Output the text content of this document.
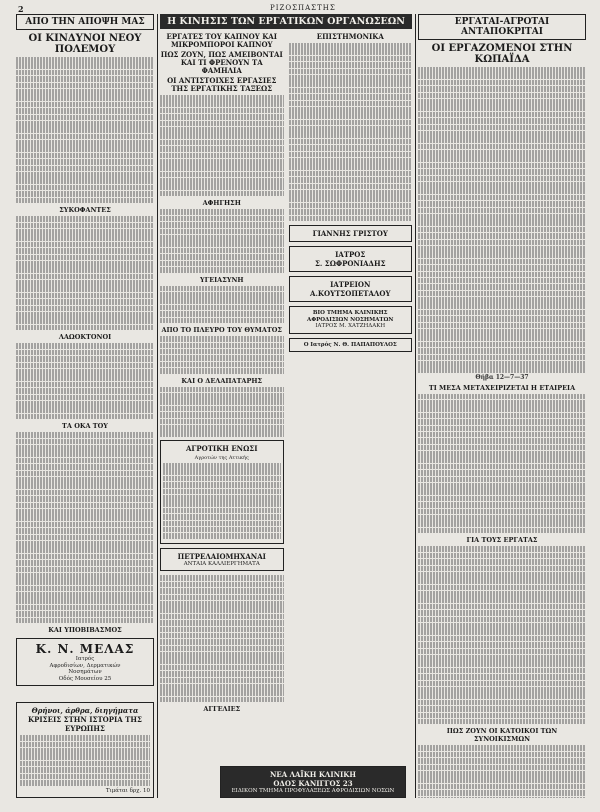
2	ΡΙΖΟΣΠΑΣΤΗΣ
ΑΠΟ ΤΗΝ ΑΠΟΨΗ ΜΑΣ
ΟΙ ΚΙΝΔΥΝΟΙ ΝΕΟΥ ΠΟΛΕΜΟΥ
ΣΥΚΟΦΑΝΤΕΣ
ΛΑΩΟΚΤΟΝΟΙ
ΤΑ ΟΚΑ ΤΟΥ
ΚΑΙ ΥΠΟΒΙΒΑΣΜΟΣ
Κ. Ν. ΜΕΛΑΣ
Ιατρός
Αφροδισίων, Δερματικών
Νοσημάτων
Οδός Μουσείου 25
Θρήνοι, άρθρα, διηγήματα
ΚΡΙΣΕΙΣ ΣΤΗΝ ΙΣΤΟΡΙΑ ΤΗΣ ΕΥΡΩΠΗΣ
Τιμάται δρχ. 10
Η ΚΙΝΗΣΙΣ ΤΩΝ ΕΡΓΑΤΙΚΩΝ ΟΡΓΑΝΩΣΕΩΝ
ΕΡΓΑΤΕΣ ΤΟΥ ΚΑΠΝΟΥ ΚΑΙ ΜΙΚΡΟΜΠΟΡΟΙ ΚΑΠΝΟΥ
ΠΩΣ ΖΟΥΝ, ΠΩΣ ΑΜΕΙΒΟΝΤΑΙ ΚΑΙ ΤΙ ΦΡΕΝΟΥΝ ΤΑ ΦΑΜΗΛΙΑ
ΟΙ ΑΝΤΙΣΤΟΙΧΕΣ ΕΡΓΑΣΙΕΣ ΤΗΣ ΕΡΓΑΤΙΚΗΣ ΤΑΞΕΩΣ
ΑΦΗΓΗΣΗ
ΥΓΕΙΑΣΥΝΗ
ΑΠΟ ΤΟ ΠΛΕΥΡΟ ΤΟΥ ΘΥΜΑΤΟΣ
ΚΑΙ Ο ΔΕΛΑΠΑΤΑΡΗΣ
ΑΓΡΟΤΙΚΗ ΕΝΩΣΙ
Αγροτών της Αττικής
ΠΕΤΡΕΛΑΙΟΜΗΧΑΝΑΙ
ΑΝΤΑΙΑ ΚΑΛΛΙΕΡΓΗΜΑΤΑ
ΑΓΓΕΛΙΕΣ
ΕΠΙΣΤΗΜΟΝΙΚΑ
ΓΙΑΝΝΗΣ ΓΡΙΣΤΟΥ
ΙΑΤΡΟΣ
Σ. ΣΩΦΡΟΝΙΑΔΗΣ
ΙΑΤΡΕΙΟΝ
Α.ΚΟΥΤΣΟΠΕΤΑΛΟΥ
ΒΙΟ ΤΜΗΜΑ ΚΛΙΝΙΚΗΣ ΑΦΡΟΔΙΣΙΩΝ ΝΟΣΗΜΑΤΩΝ
ΙΑΤΡΟΣ Μ. ΧΑΤΖΗΔΑΚΗ
Ο Ιατρός Ν. Θ. ΠΑΠΑΠΟΥΛΟΣ
ΝΕΑ ΛΑΪΚΗ ΚΛΙΝΙΚΗ
ΟΔΟΣ ΚΑΝΙΓΓΟΣ 23
ΕΙΔΙΚΟΝ ΤΜΗΜΑ ΠΡΟΦΥΛΑΞΕΩΣ ΑΦΡΟΔΙΣΙΩΝ ΝΟΣΩΝ
ΕΡΓΑΤΑΙ-ΑΓΡΟΤΑΙ ΑΝΤΑΠΟΚΡΙΤΑΙ
ΟΙ ΕΡΓΑΖΟΜΕΝΟΙ ΣΤΗΝ ΚΩΠΑΪΔΑ
Θήβα 12—7—37
ΤΙ ΜΕΣΑ ΜΕΤΑΧΕΙΡΙΖΕΤΑΙ Η ΕΤΑΙΡΕΙΑ
ΓΙΑ ΤΟΥΣ ΕΡΓΑΤΑΣ
ΠΩΣ ΖΟΥΝ ΟΙ ΚΑΤΟΙΚΟΙ ΤΩΝ ΣΥΝΟΙΚΙΣΜΩΝ
